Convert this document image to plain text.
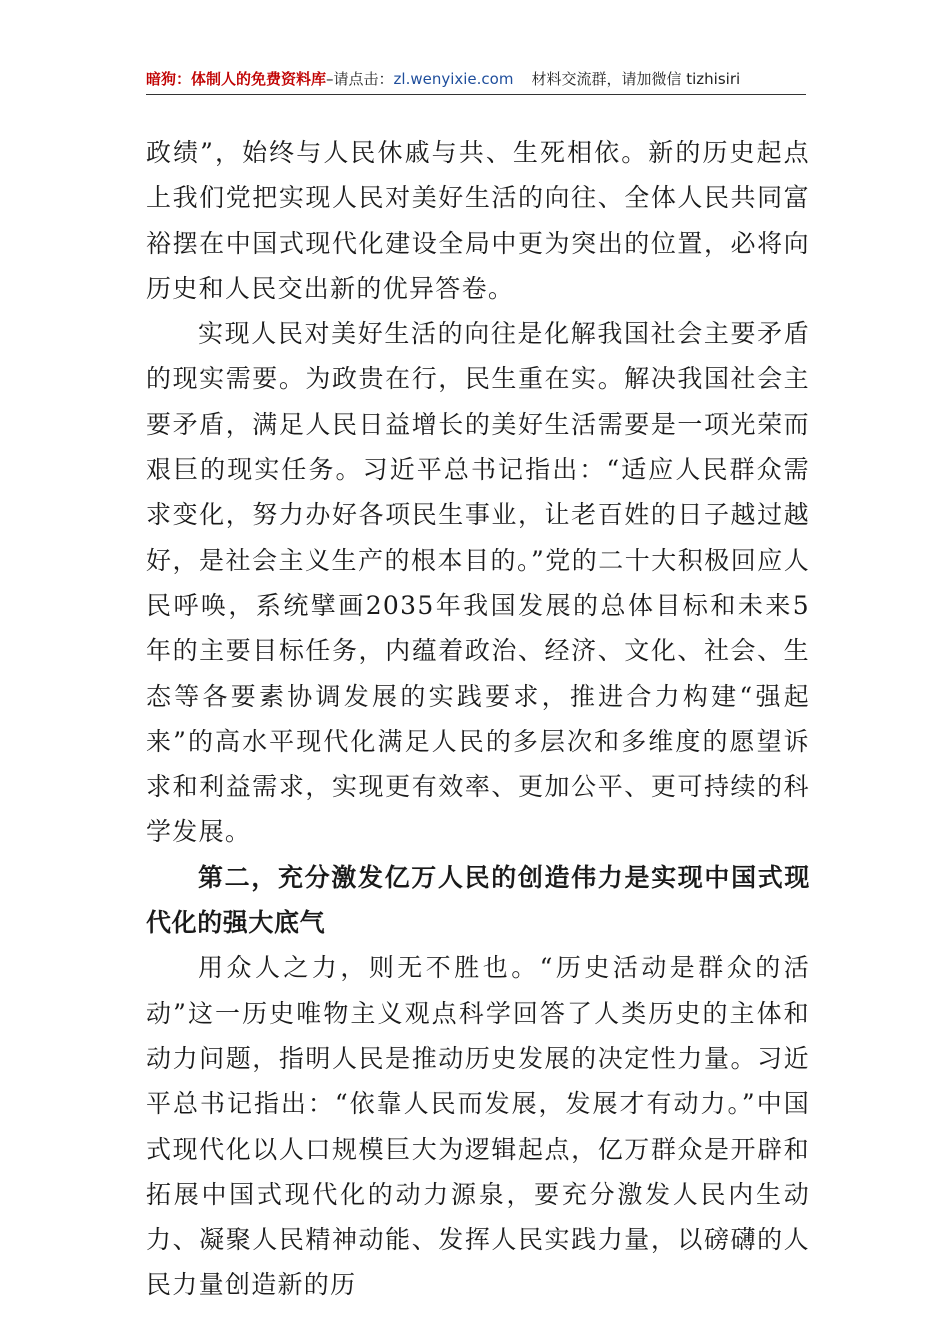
暗狗：体制人的免费资料库–请点击：zl.wenyixie.com 材料交流群，请加微信 tizhisiri

政绩”，始终与人民休戚与共、生死相依。新的历史起点上我们党把实现人民对美好生活的向往、全体人民共同富裕摆在中国式现代化建设全局中更为突出的位置，必将向历史和人民交出新的优异答卷。

实现人民对美好生活的向往是化解我国社会主要矛盾的现实需要。为政贵在行，民生重在实。解决我国社会主要矛盾，满足人民日益增长的美好生活需要是一项光荣而艰巨的现实任务。习近平总书记指出：“适应人民群众需求变化，努力办好各项民生事业，让老百姓的日子越过越好，是社会主义生产的根本目的。”党的二十大积极回应人民呼唤，系统擘画2035年我国发展的总体目标和未来5年的主要目标任务，内蕴着政治、经济、文化、社会、生态等各要素协调发展的实践要求，推进合力构建“强起来”的高水平现代化满足人民的多层次和多维度的愿望诉求和利益需求，实现更有效率、更加公平、更可持续的科学发展。

第二，充分激发亿万人民的创造伟力是实现中国式现代化的强大底气

用众人之力，则无不胜也。“历史活动是群众的活动”这一历史唯物主义观点科学回答了人类历史的主体和动力问题，指明人民是推动历史发展的决定性力量。习近平总书记指出：“依靠人民而发展，发展才有动力。”中国式现代化以人口规模巨大为逻辑起点，亿万群众是开辟和拓展中国式现代化的动力源泉，要充分激发人民内生动力、凝聚人民精神动能、发挥人民实践力量，以磅礴的人民力量创造新的历
